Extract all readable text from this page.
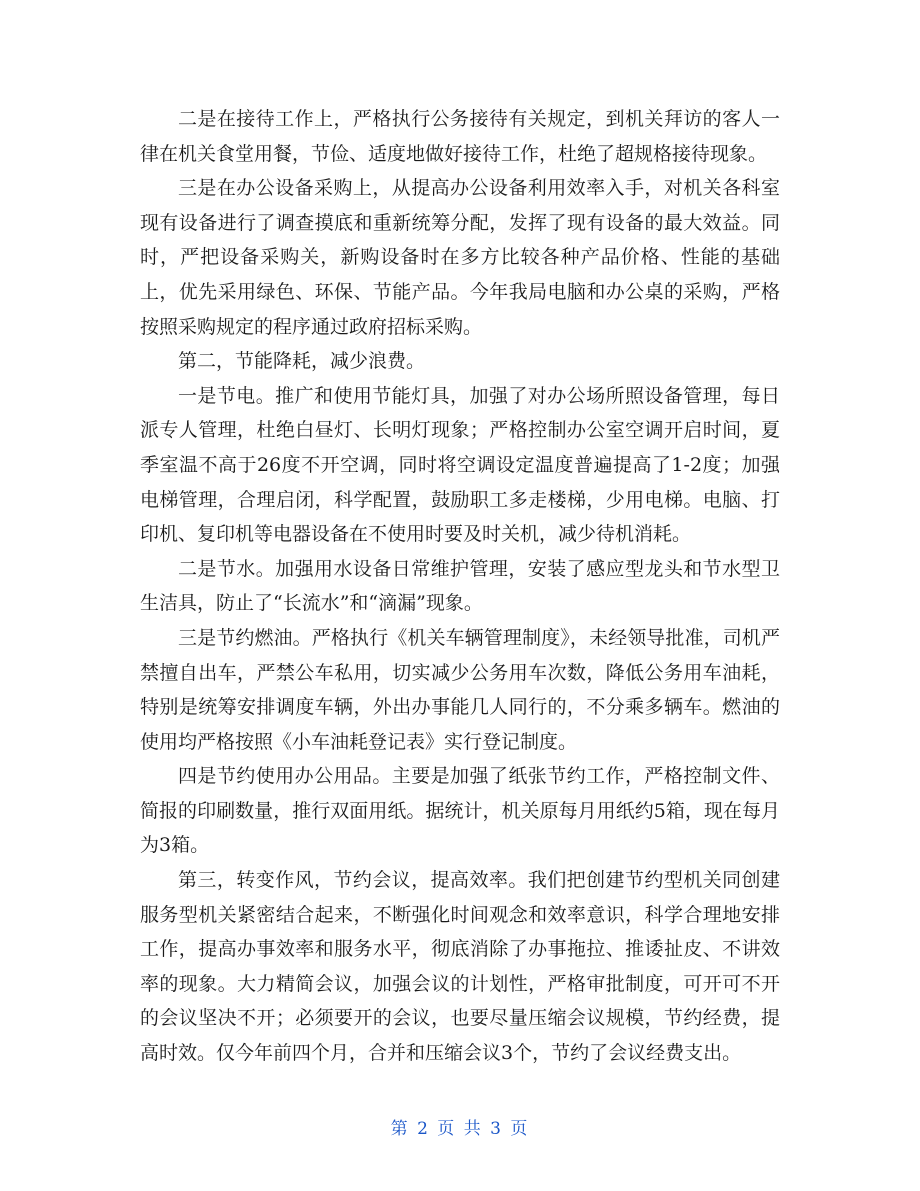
二是在接待工作上，严格执行公务接待有关规定，到机关拜访的客人一律在机关食堂用餐，节俭、适度地做好接待工作，杜绝了超规格接待现象。

三是在办公设备采购上，从提高办公设备利用效率入手，对机关各科室现有设备进行了调查摸底和重新统筹分配，发挥了现有设备的最大效益。同时，严把设备采购关，新购设备时在多方比较各种产品价格、性能的基础上，优先采用绿色、环保、节能产品。今年我局电脑和办公桌的采购，严格按照采购规定的程序通过政府招标采购。

第二，节能降耗，减少浪费。

一是节电。推广和使用节能灯具，加强了对办公场所照设备管理，每日派专人管理，杜绝白昼灯、长明灯现象；严格控制办公室空调开启时间，夏季室温不高于26度不开空调，同时将空调设定温度普遍提高了1-2度；加强电梯管理，合理启闭，科学配置，鼓励职工多走楼梯，少用电梯。电脑、打印机、复印机等电器设备在不使用时要及时关机，减少待机消耗。

二是节水。加强用水设备日常维护管理，安装了感应型龙头和节水型卫生洁具，防止了“长流水”和“滴漏”现象。

三是节约燃油。严格执行《机关车辆管理制度》，未经领导批准，司机严禁擅自出车，严禁公车私用，切实减少公务用车次数，降低公务用车油耗，特别是统筹安排调度车辆，外出办事能几人同行的，不分乘多辆车。燃油的使用均严格按照《小车油耗登记表》实行登记制度。

四是节约使用办公用品。主要是加强了纸张节约工作，严格控制文件、简报的印刷数量，推行双面用纸。据统计，机关原每月用纸约5箱，现在每月为3箱。

第三，转变作风，节约会议，提高效率。我们把创建节约型机关同创建服务型机关紧密结合起来，不断强化时间观念和效率意识，科学合理地安排工作，提高办事效率和服务水平，彻底消除了办事拖拉、推诿扯皮、不讲效率的现象。大力精简会议，加强会议的计划性，严格审批制度，可开可不开的会议坚决不开；必须要开的会议，也要尽量压缩会议规模，节约经费，提高时效。仅今年前四个月，合并和压缩会议3个，节约了会议经费支出。

第 2 页 共 3 页
